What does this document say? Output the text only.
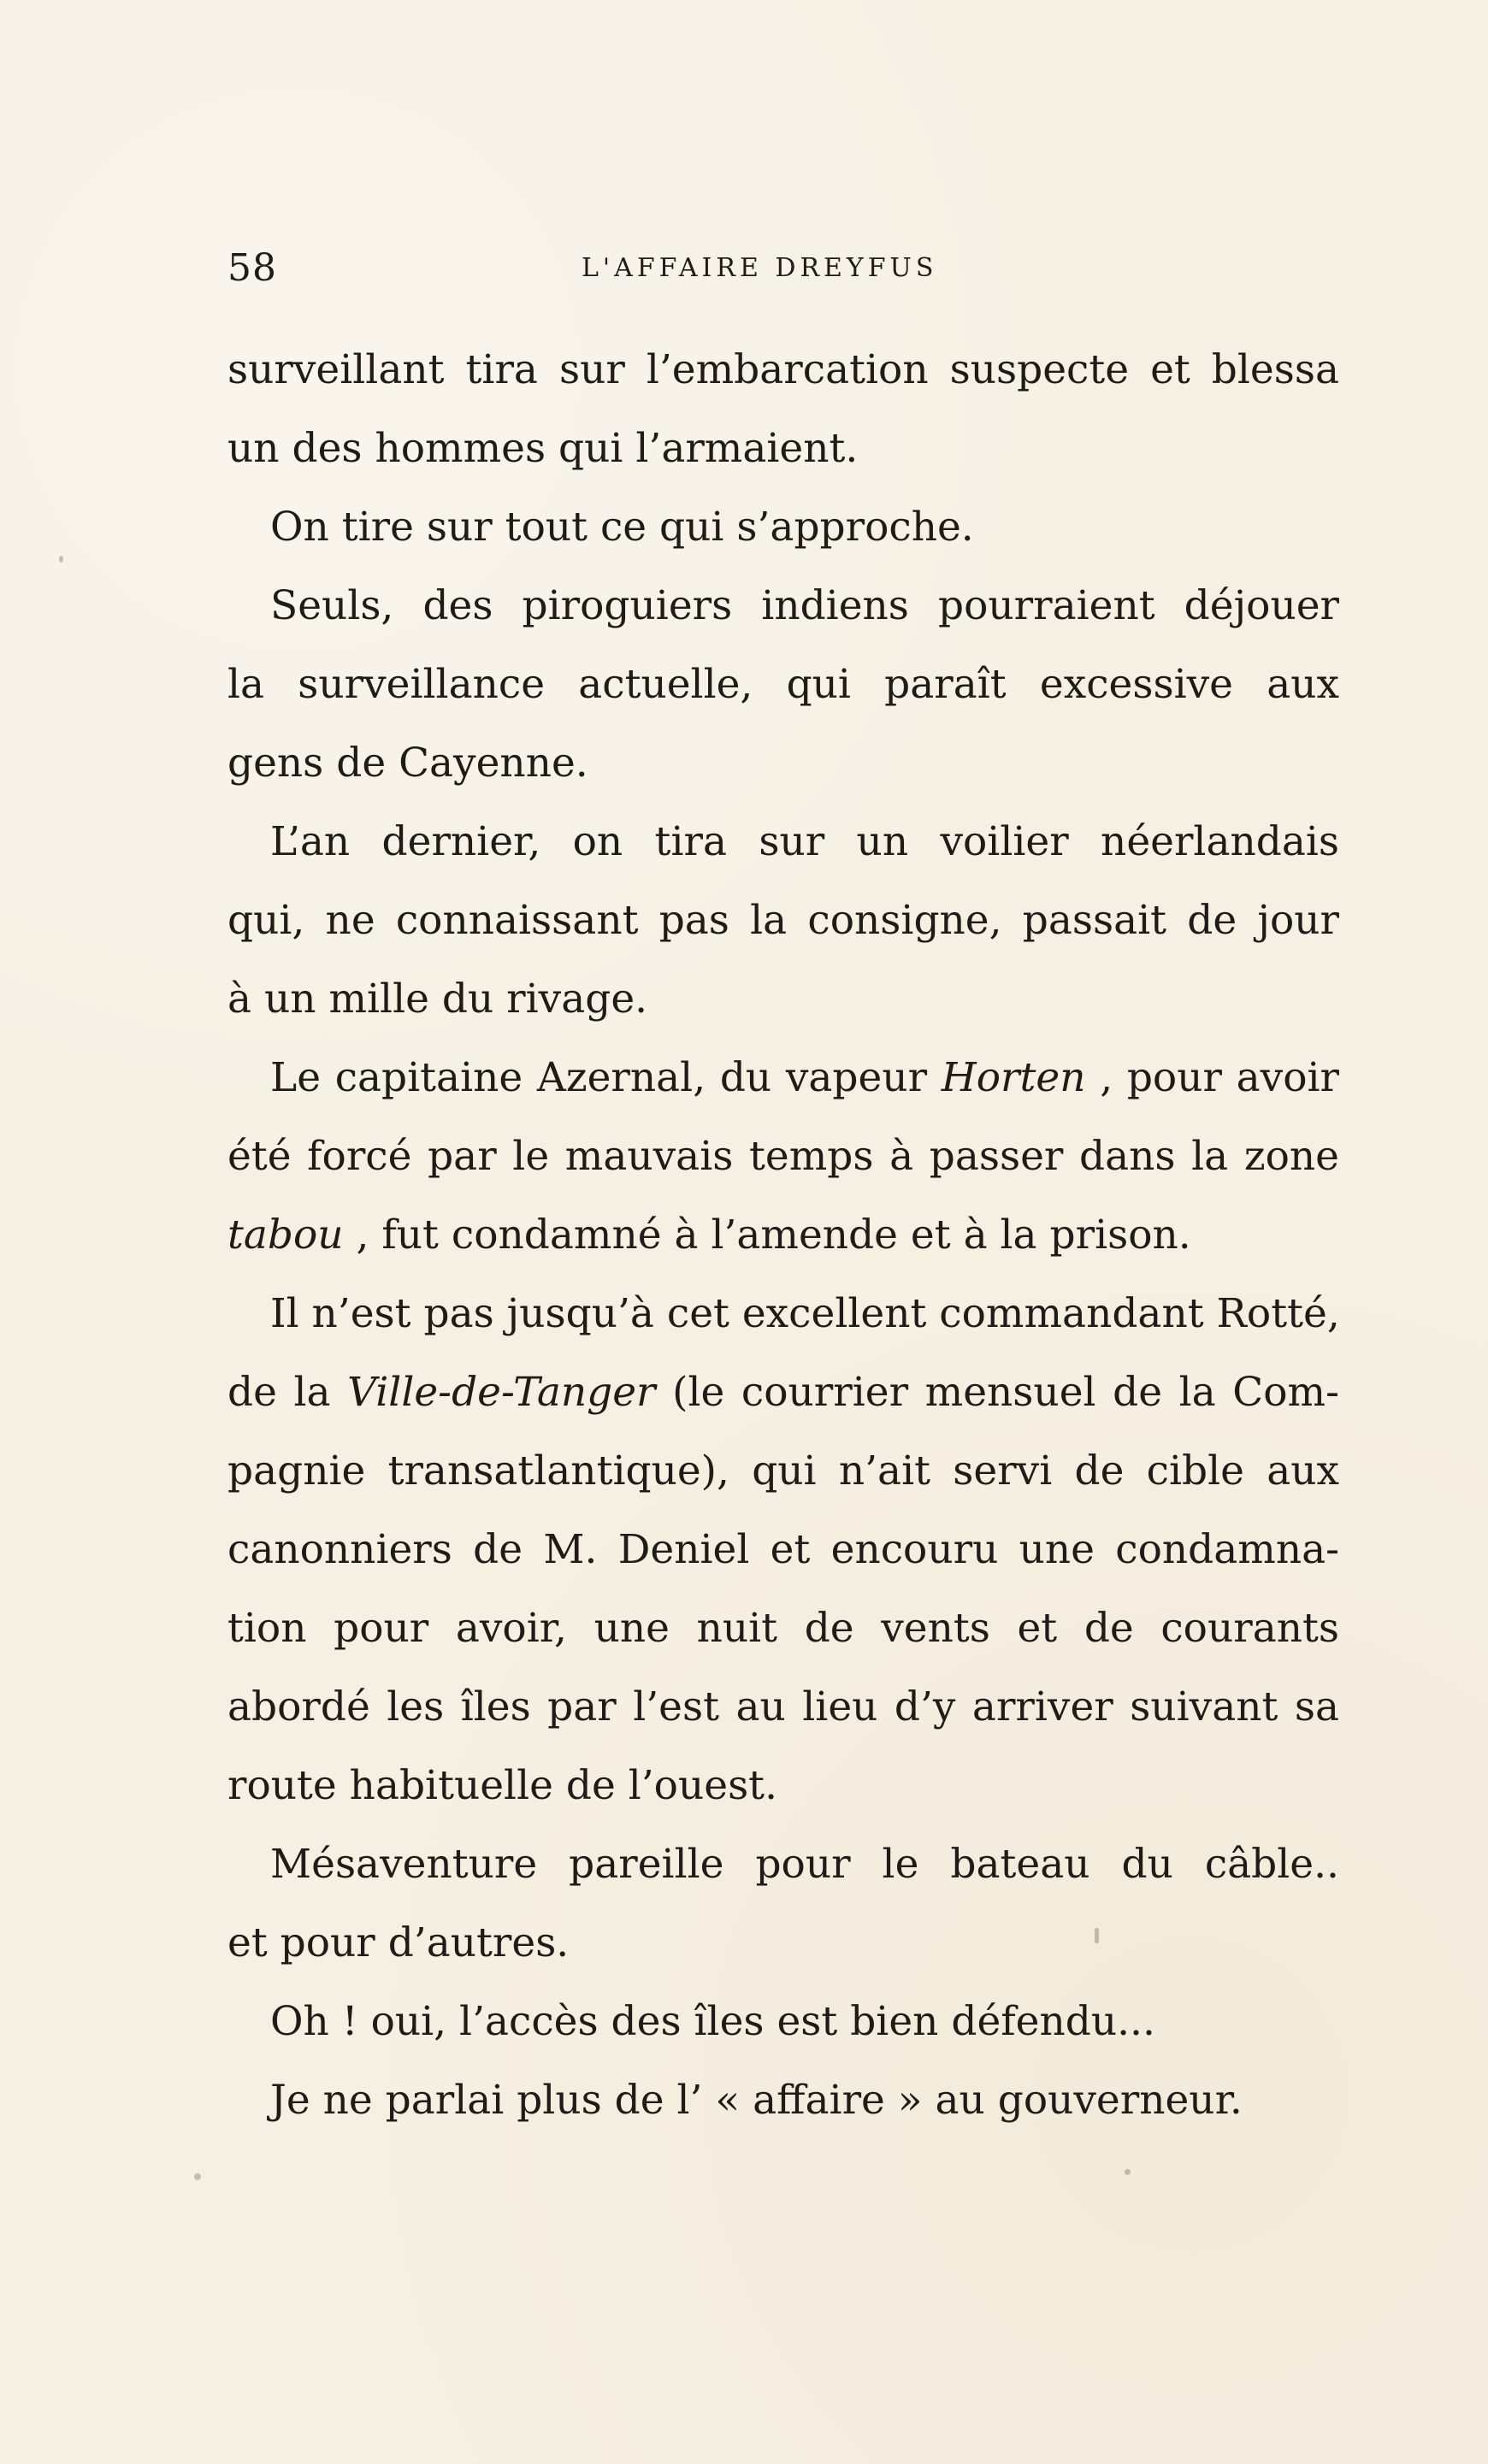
58	L'AFFAIRE DREYFUS
surveillant tira sur l’embarcation suspecte et blessa
un des hommes qui l’armaient.
On tire sur tout ce qui s’approche.
Seuls, des piroguiers indiens pourraient déjouer
la surveillance actuelle, qui paraît excessive aux
gens de Cayenne.
L’an dernier, on tira sur un voilier néerlandais
qui, ne connaissant pas la consigne, passait de jour
à un mille du rivage.
Le capitaine Azernal, du vapeur Horten , pour avoir
été forcé par le mauvais temps à passer dans la zone
tabou , fut condamné à l’amende et à la prison.
Il n’est pas jusqu’à cet excellent commandant Rotté,
de la Ville-de-Tanger (le courrier mensuel de la Com-
pagnie transatlantique), qui n’ait servi de cible aux
canonniers de M. Deniel et encouru une condamna-
tion pour avoir, une nuit de vents et de courants
abordé les îles par l’est au lieu d’y arriver suivant sa
route habituelle de l’ouest.
Mésaventure pareille pour le bateau du câble..
et pour d’autres.
Oh ! oui, l’accès des îles est bien défendu...
Je ne parlai plus de l’ « affaire » au gouverneur.
